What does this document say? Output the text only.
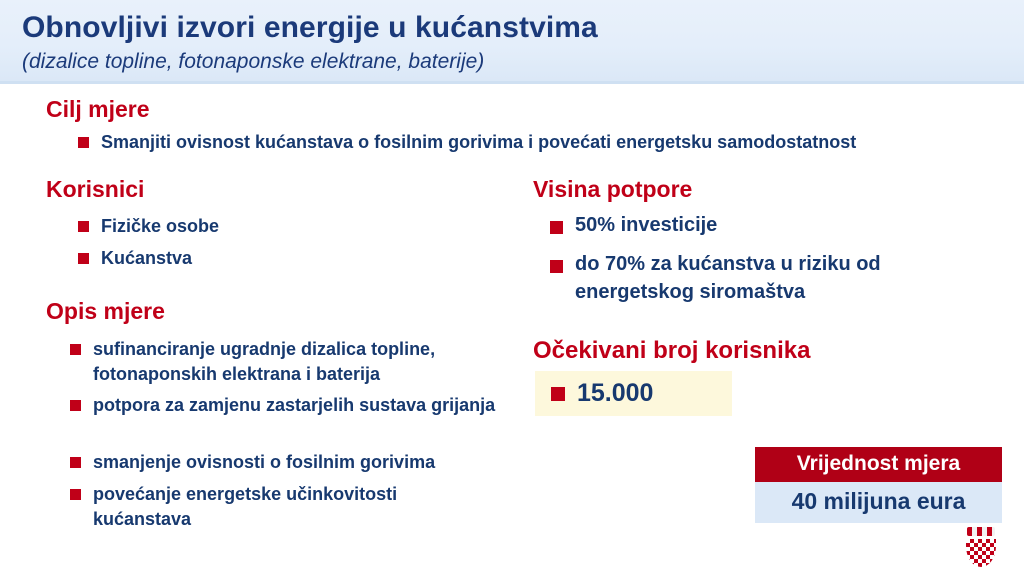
Obnovljivi izvori energije u kućanstvima
(dizalice topline, fotonaponske elektrane, baterije)
Cilj mjere
Smanjiti ovisnost kućanstava o fosilnim gorivima i povećati energetsku samodostatnost
Korisnici
Fizičke osobe
Kućanstva
Opis mjere
sufinanciranje ugradnje dizalica topline, fotonaponskih elektrana i baterija
potpora za zamjenu zastarjelih sustava grijanja
smanjenje ovisnosti o fosilnim gorivima
povećanje energetske učinkovitosti kućanstava
Visina potpore
50% investicije
do 70% za kućanstva u riziku od energetskog siromaštva
Očekivani broj korisnika
15.000
Vrijednost mjera
40 milijuna eura
